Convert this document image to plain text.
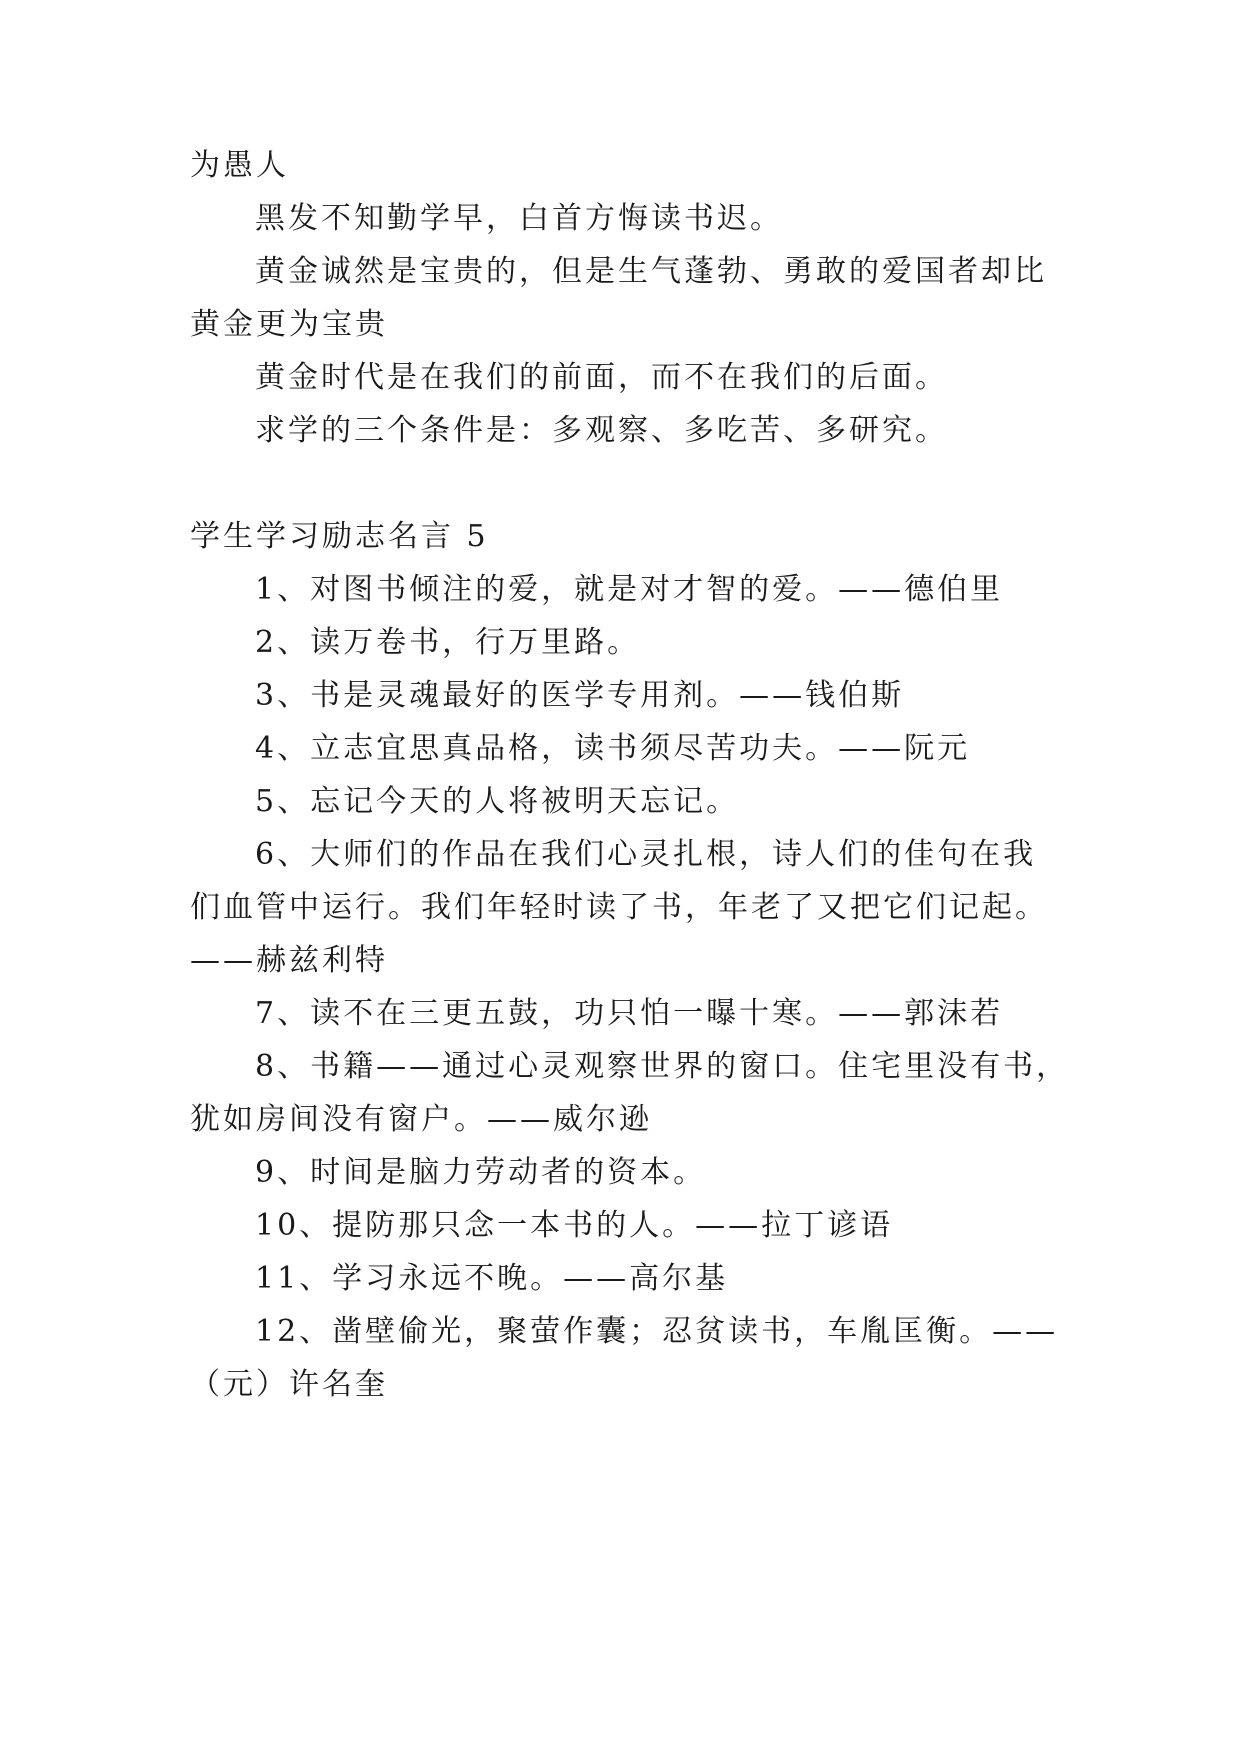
为愚人
黑发不知勤学早，白首方悔读书迟。
黄金诚然是宝贵的，但是生气蓬勃、勇敢的爱国者却比
黄金更为宝贵
黄金时代是在我们的前面，而不在我们的后面。
求学的三个条件是：多观察、多吃苦、多研究。
学生学习励志名言 5
1、对图书倾注的爱，就是对才智的爱。——德伯里
2、读万卷书，行万里路。
3、书是灵魂最好的医学专用剂。——钱伯斯
4、立志宜思真品格，读书须尽苦功夫。——阮元
5、忘记今天的人将被明天忘记。
6、大师们的作品在我们心灵扎根，诗人们的佳句在我
们血管中运行。我们年轻时读了书，年老了又把它们记起。
——赫兹利特
7、读不在三更五鼓，功只怕一曝十寒。——郭沫若
8、书籍——通过心灵观察世界的窗口。住宅里没有书，
犹如房间没有窗户。——威尔逊
9、时间是脑力劳动者的资本。
10、提防那只念一本书的人。——拉丁谚语
11、学习永远不晚。——高尔基
12、凿壁偷光，聚萤作囊；忍贫读书，车胤匡衡。——
（元）许名奎
